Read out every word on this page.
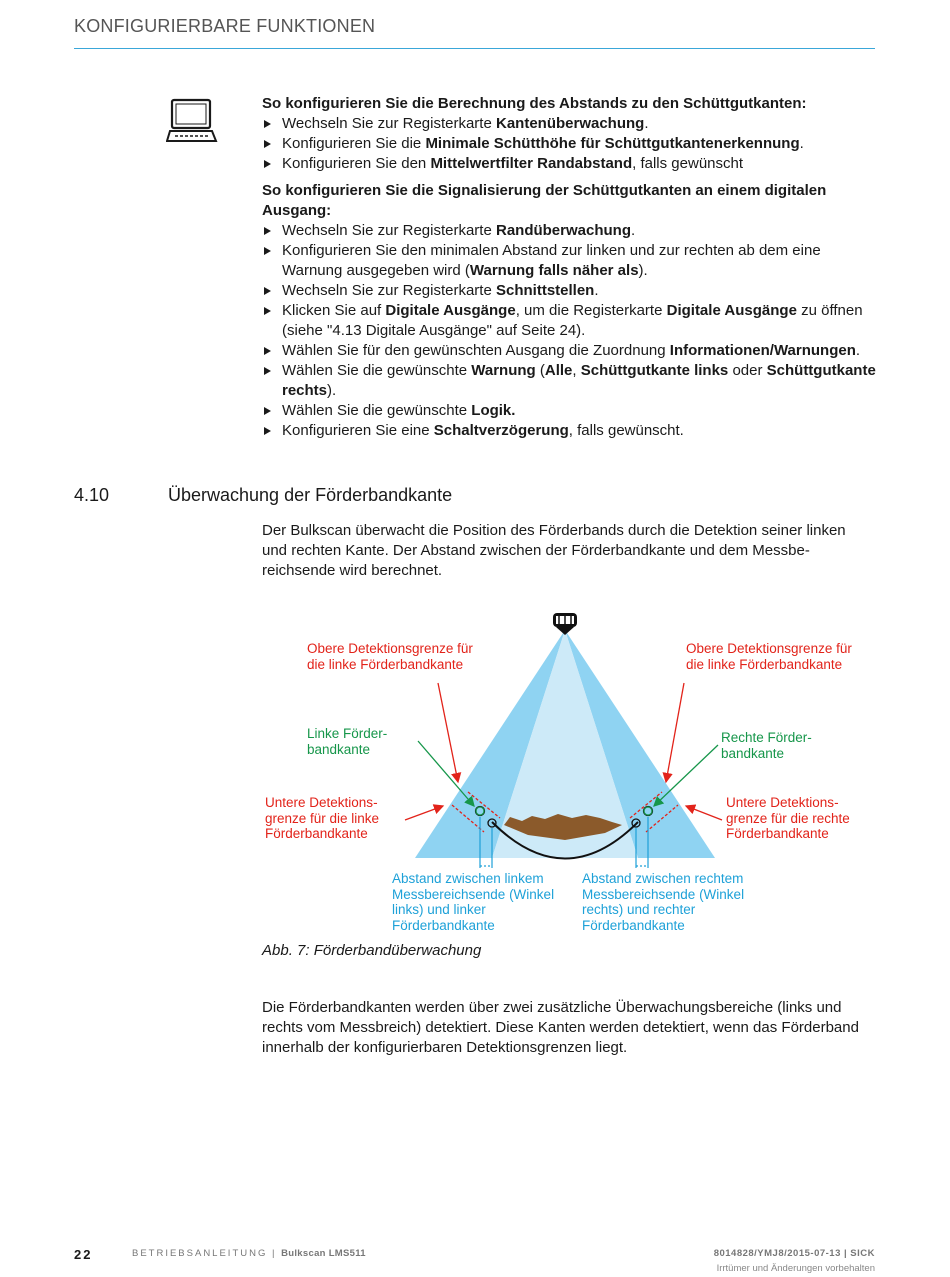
KONFIGURIERBARE FUNKTIONEN

So konfigurieren Sie die Berechnung des Abstands zu den Schüttgutkanten:

Wechseln Sie zur Registerkarte Kantenüberwachung.
Konfigurieren Sie die Minimale Schütthöhe für Schüttgutkantenerkennung.
Konfigurieren Sie den Mittelwertfilter Randabstand, falls gewünscht

So konfigurieren Sie die Signalisierung der Schüttgutkanten an einem digitalen Ausgang:

Wechseln Sie zur Registerkarte Randüberwachung.
Konfigurieren Sie den minimalen Abstand zur linken und zur rechten ab dem eine Warnung ausgegeben wird (Warnung falls näher als).
Wechseln Sie zur Registerkarte Schnittstellen.
Klicken Sie auf Digitale Ausgänge, um die Registerkarte Digitale Ausgänge zu öffnen (siehe "4.13 Digitale Ausgänge" auf Seite 24).
Wählen Sie für den gewünschten Ausgang die Zuordnung Informationen/Warnungen.
Wählen Sie die gewünschte Warnung (Alle, Schüttgutkante links oder Schüttgutkante rechts).
Wählen Sie die gewünschte Logik.
Konfigurieren Sie eine Schaltverzögerung, falls gewünscht.
4.10	Überwachung der Förderbandkante

Der Bulkscan überwacht die Position des Förderbands durch die Detektion seiner linken und rechten Kante. Der Abstand zwischen der Förderbandkante und dem Messbereichsende wird berechnet.

Obere Detektionsgrenze für die linke Förderbandkante
Obere Detektionsgrenze für die linke Förderbandkante
Linke Förderbandkante
Rechte Förderbandkante
Untere Detektionsgrenze für die linke Förderbandkante
Untere Detektionsgrenze für die rechte Förderbandkante
Abstand zwischen linkem Messbereichsende (Winkel links) und linker Förderbandkante
Abstand zwischen rechtem Messbereichsende (Winkel rechts) und rechter Förderbandkante
Abb. 7: Förderbandüberwachung

Die Förderbandkanten werden über zwei zusätzliche Überwachungsbereiche (links und rechts vom Messbreich) detektiert. Diese Kanten werden detektiert, wenn das Förderband innerhalb der konfigurierbaren Detektionsgrenzen liegt.

22	BETRIEBSANLEITUNG | Bulkscan LMS511	8014828/YMJ8/2015-07-13 | SICK
Irrtümer und Änderungen vorbehalten
